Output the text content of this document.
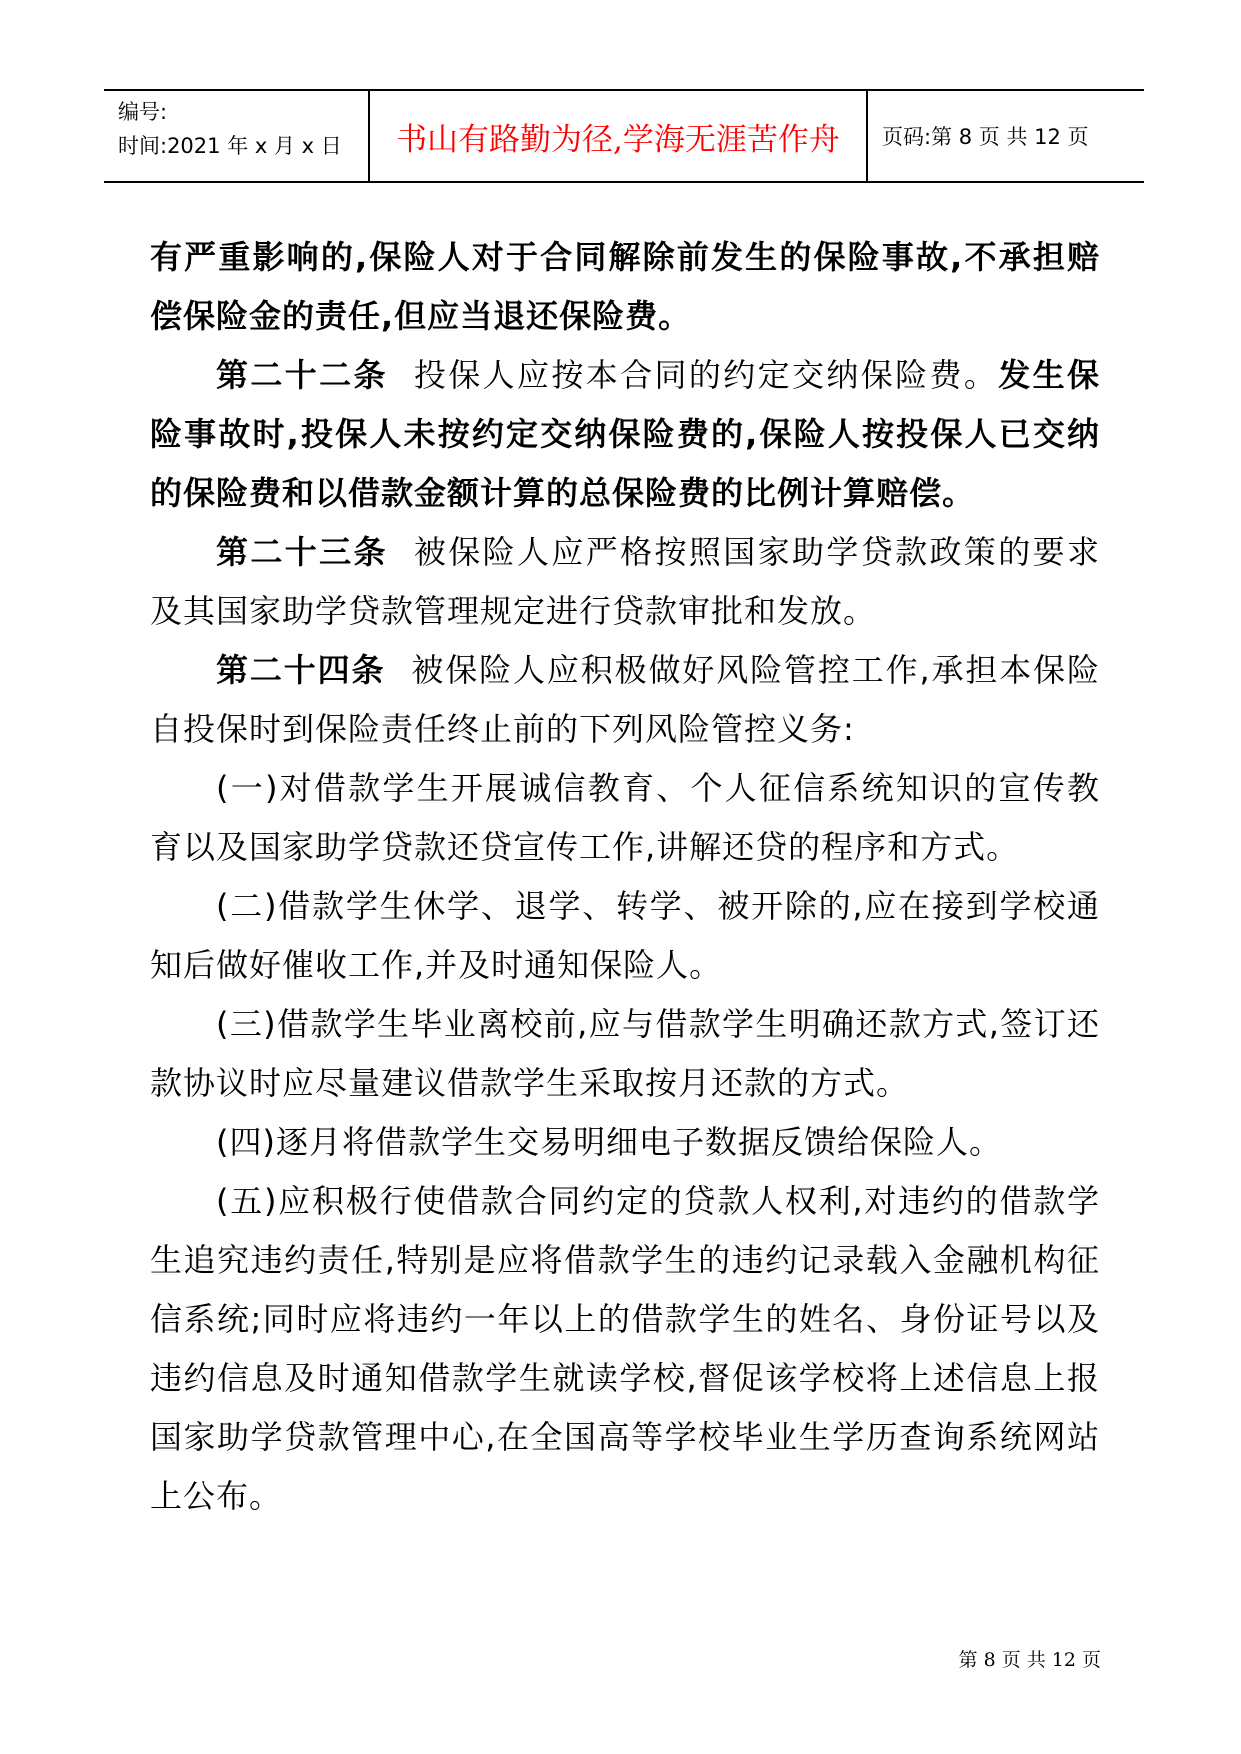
编号:
时间:2021 年 x 月 x 日	书山有路勤为径,学海无涯苦作舟	页码:第 8 页 共 12 页

有严重影响的,保险人对于合同解除前发生的保险事故,不承担赔偿保险金的责任,但应当退还保险费。

第二十二条 投保人应按本合同的约定交纳保险费。发生保险事故时,投保人未按约定交纳保险费的,保险人按投保人已交纳的保险费和以借款金额计算的总保险费的比例计算赔偿。

第二十三条 被保险人应严格按照国家助学贷款政策的要求及其国家助学贷款管理规定进行贷款审批和发放。

第二十四条 被保险人应积极做好风险管控工作,承担本保险自投保时到保险责任终止前的下列风险管控义务:

(一)对借款学生开展诚信教育、个人征信系统知识的宣传教育以及国家助学贷款还贷宣传工作,讲解还贷的程序和方式。

(二)借款学生休学、退学、转学、被开除的,应在接到学校通知后做好催收工作,并及时通知保险人。

(三)借款学生毕业离校前,应与借款学生明确还款方式,签订还款协议时应尽量建议借款学生采取按月还款的方式。

(四)逐月将借款学生交易明细电子数据反馈给保险人。

(五)应积极行使借款合同约定的贷款人权利,对违约的借款学生追究违约责任,特别是应将借款学生的违约记录载入金融机构征信系统;同时应将违约一年以上的借款学生的姓名、身份证号以及违约信息及时通知借款学生就读学校,督促该学校将上述信息上报国家助学贷款管理中心,在全国高等学校毕业生学历查询系统网站上公布。

第 8 页 共 12 页
